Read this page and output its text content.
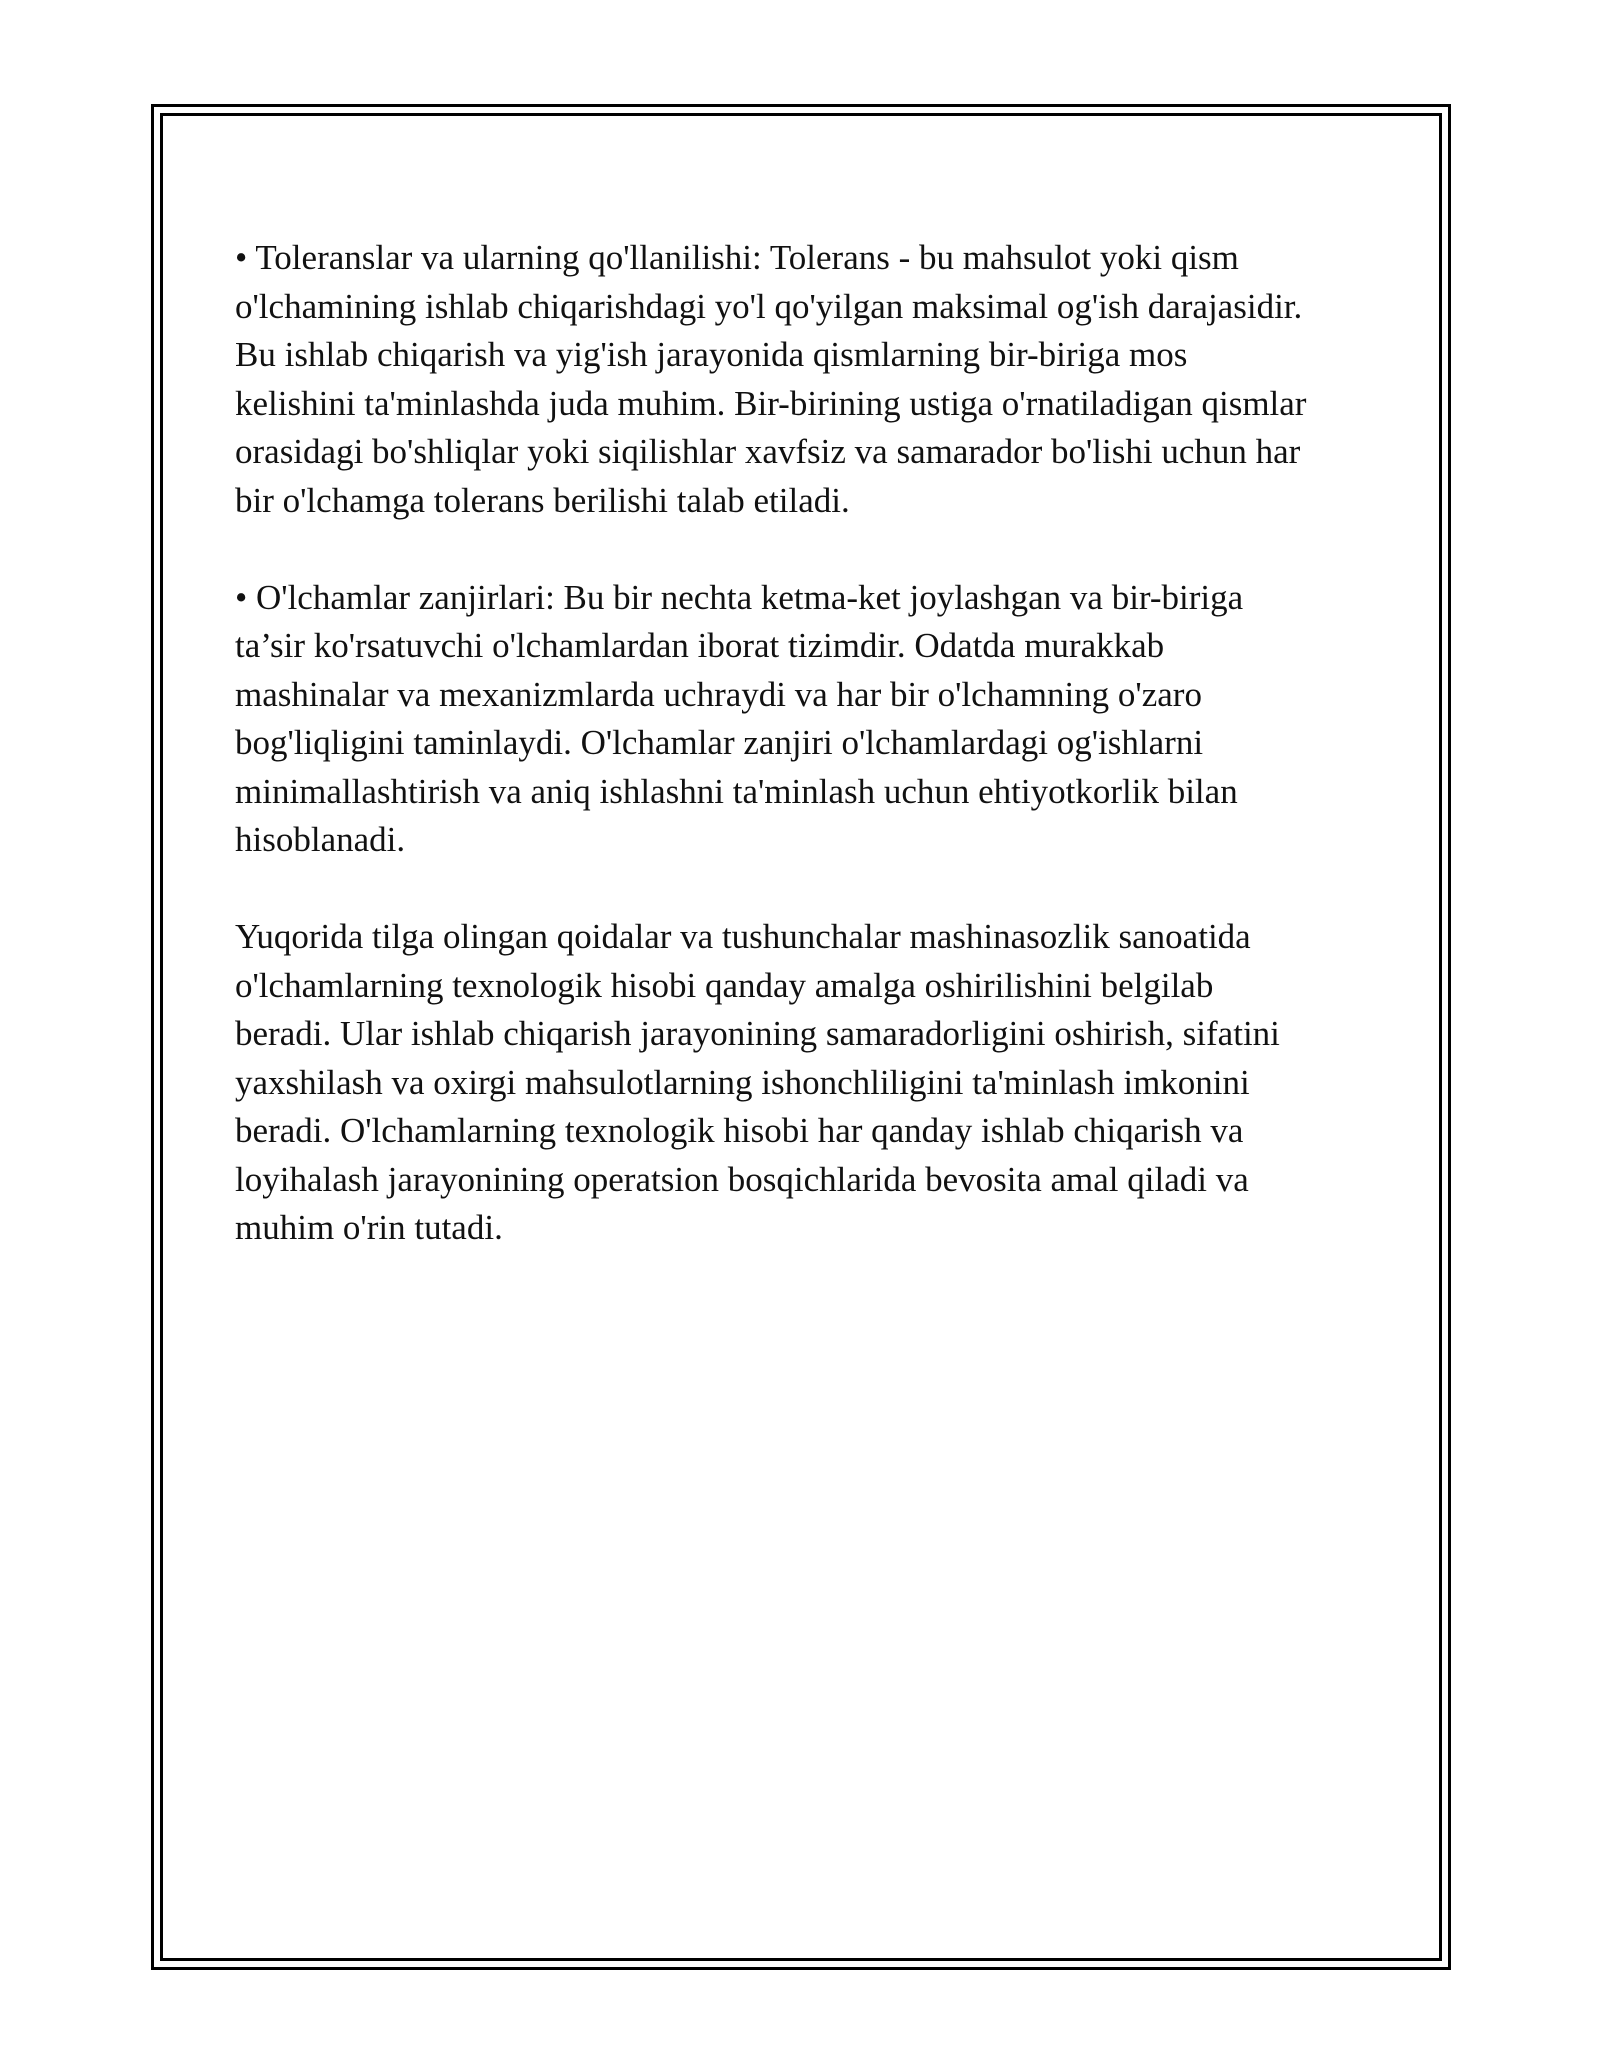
• Toleranslar va ularning qo'llanilishi: Tolerans - bu mahsulot yoki qism
o'lchamining ishlab chiqarishdagi yo'l qo'yilgan maksimal og'ish darajasidir.
Bu ishlab chiqarish va yig'ish jarayonida qismlarning bir-biriga mos
kelishini ta'minlashda juda muhim. Bir-birining ustiga o'rnatiladigan qismlar
orasidagi bo'shliqlar yoki siqilishlar xavfsiz va samarador bo'lishi uchun har
bir o'lchamga tolerans berilishi talab etiladi.

• O'lchamlar zanjirlari: Bu bir nechta ketma-ket joylashgan va bir-biriga
ta’sir ko'rsatuvchi o'lchamlardan iborat tizimdir. Odatda murakkab
mashinalar va mexanizmlarda uchraydi va har bir o'lchamning o'zaro
bog'liqligini taminlaydi. O'lchamlar zanjiri o'lchamlardagi og'ishlarni
minimallashtirish va aniq ishlashni ta'minlash uchun ehtiyotkorlik bilan
hisoblanadi.

Yuqorida tilga olingan qoidalar va tushunchalar mashinasozlik sanoatida
o'lchamlarning texnologik hisobi qanday amalga oshirilishini belgilab
beradi. Ular ishlab chiqarish jarayonining samaradorligini oshirish, sifatini
yaxshilash va oxirgi mahsulotlarning ishonchliligini ta'minlash imkonini
beradi. O'lchamlarning texnologik hisobi har qanday ishlab chiqarish va
loyihalash jarayonining operatsion bosqichlarida bevosita amal qiladi va
muhim o'rin tutadi.
